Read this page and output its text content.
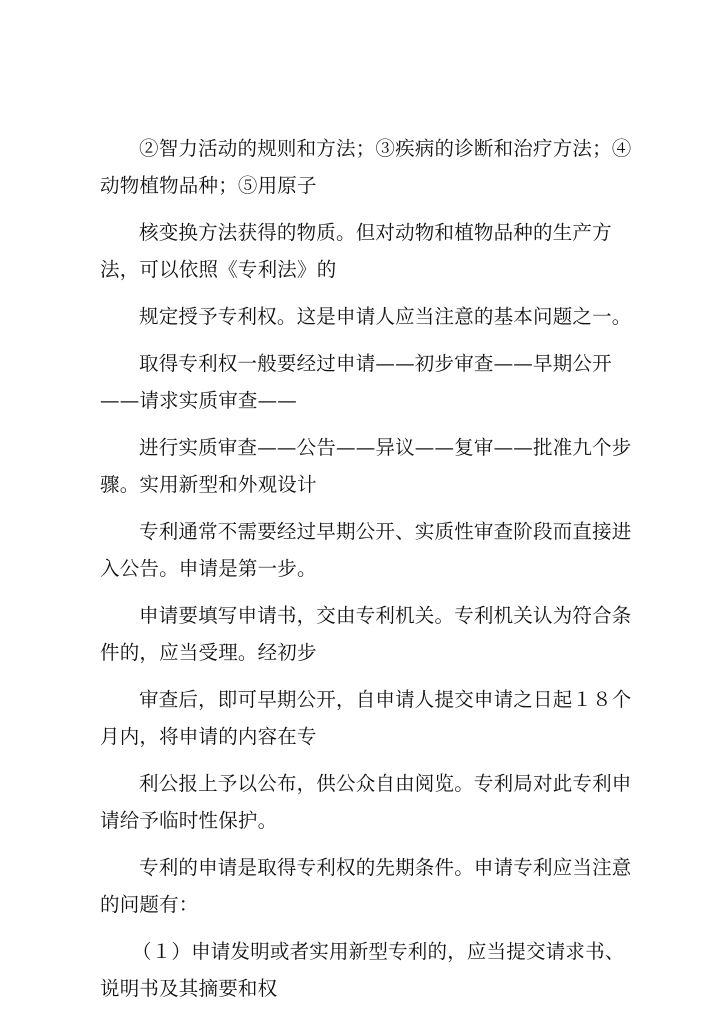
②智力活动的规则和方法；③疾病的诊断和治疗方法；④动物植物品种；⑤用原子

核变换方法获得的物质。但对动物和植物品种的生产方法，可以依照《专利法》的

规定授予专利权。这是申请人应当注意的基本问题之一。

取得专利权一般要经过申请——初步审查——早期公开——请求实质审查——

进行实质审查——公告——异议——复审——批准九个步骤。实用新型和外观设计

专利通常不需要经过早期公开、实质性审查阶段而直接进入公告。申请是第一步。

申请要填写申请书，交由专利机关。专利机关认为符合条件的，应当受理。经初步

审查后，即可早期公开，自申请人提交申请之日起１８个月内，将申请的内容在专

利公报上予以公布，供公众自由阅览。专利局对此专利申请给予临时性保护。

专利的申请是取得专利权的先期条件。申请专利应当注意的问题有：

（１）申请发明或者实用新型专利的，应当提交请求书、说明书及其摘要和权
